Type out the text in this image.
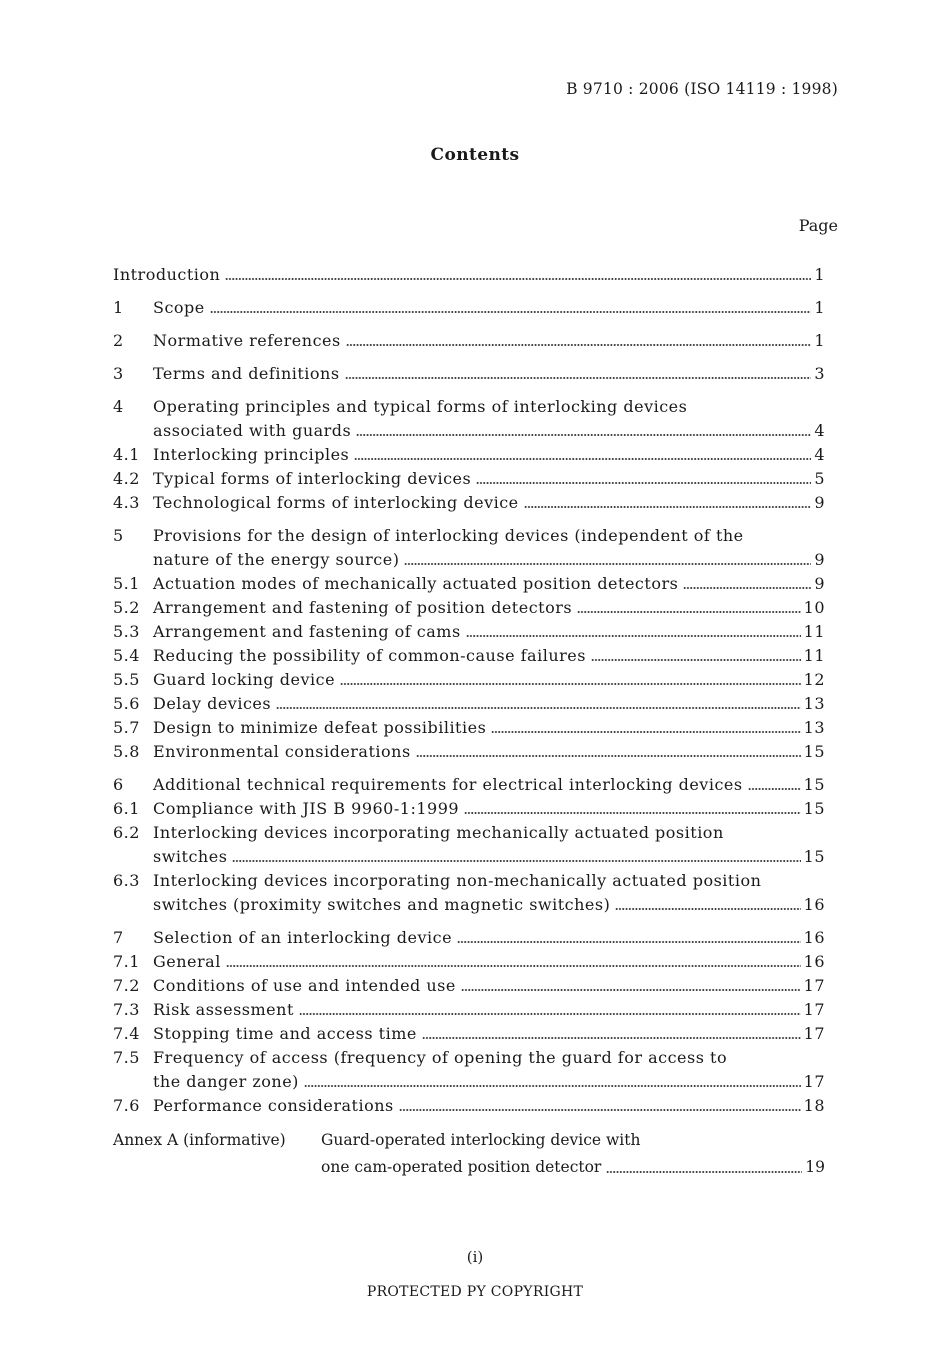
B 9710 : 2006 (ISO 14119 : 1998)
Contents
Page
Introduction	1
1	Scope	1
2	Normative references	1
3	Terms and definitions	3
4	Operating principles and typical forms of interlocking devices
associated with guards	4
4.1 Interlocking principles	4
4.2 Typical forms of interlocking devices	5
4.3 Technological forms of interlocking device	9
5	Provisions for the design of interlocking devices (independent of the
nature of the energy source)	9
5.1 Actuation modes of mechanically actuated position detectors	9
5.2 Arrangement and fastening of position detectors	10
5.3 Arrangement and fastening of cams	11
5.4 Reducing the possibility of common-cause failures	11
5.5 Guard locking device	12
5.6 Delay devices	13
5.7 Design to minimize defeat possibilities	13
5.8 Environmental considerations	15
6	Additional technical requirements for electrical interlocking devices	15
6.1 Compliance with JIS B 9960-1:1999	15
6.2 Interlocking devices incorporating mechanically actuated position
switches	15
6.3 Interlocking devices incorporating non-mechanically actuated position
switches (proximity switches and magnetic switches)	16
7	Selection of an interlocking device	16
7.1 General	16
7.2 Conditions of use and intended use	17
7.3 Risk assessment	17
7.4 Stopping time and access time	17
7.5 Frequency of access (frequency of opening the guard for access to
the danger zone)	17
7.6 Performance considerations	18
Annex A (informative)	Guard-operated interlocking device with
one cam-operated position detector	19
(i)
PROTECTED PY COPYRIGHT
